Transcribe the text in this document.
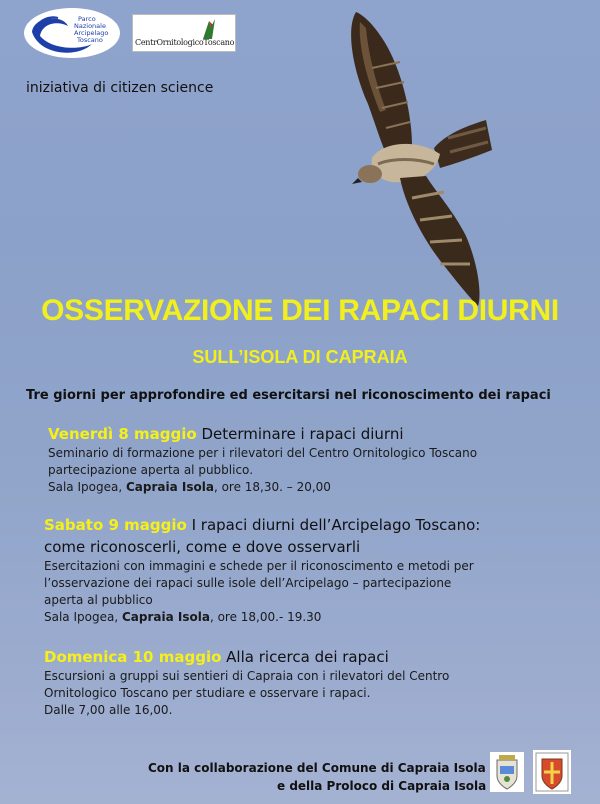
Parco
Nazionale
Arcipelago
Toscano	CentrOrnitologicoToscano
iniziativa di citizen science
OSSERVAZIONE DEI RAPACI DIURNI
SULL’ISOLA DI CAPRAIA
Tre giorni per approfondire ed esercitarsi nel riconoscimento dei rapaci
Venerdì 8 maggio Determinare i rapaci diurni
Seminario di formazione per i rilevatori del Centro Ornitologico Toscano
partecipazione aperta al pubblico.
Sala Ipogea, Capraia Isola, ore 18,30. – 20,00
Sabato 9 maggio I rapaci diurni dell’Arcipelago Toscano:
come riconoscerli, come e dove osservarli
Esercitazioni con immagini e schede per il riconoscimento e metodi per
l’osservazione dei rapaci sulle isole dell’Arcipelago – partecipazione
aperta al pubblico
Sala Ipogea, Capraia Isola, ore 18,00.- 19.30
Domenica 10 maggio Alla ricerca dei rapaci
Escursioni a gruppi sui sentieri di Capraia con i rilevatori del Centro
Ornitologico Toscano per studiare e osservare i rapaci.
Dalle 7,00 alle 16,00.
Con la collaborazione del Comune di Capraia Isola
e della Proloco di Capraia Isola
